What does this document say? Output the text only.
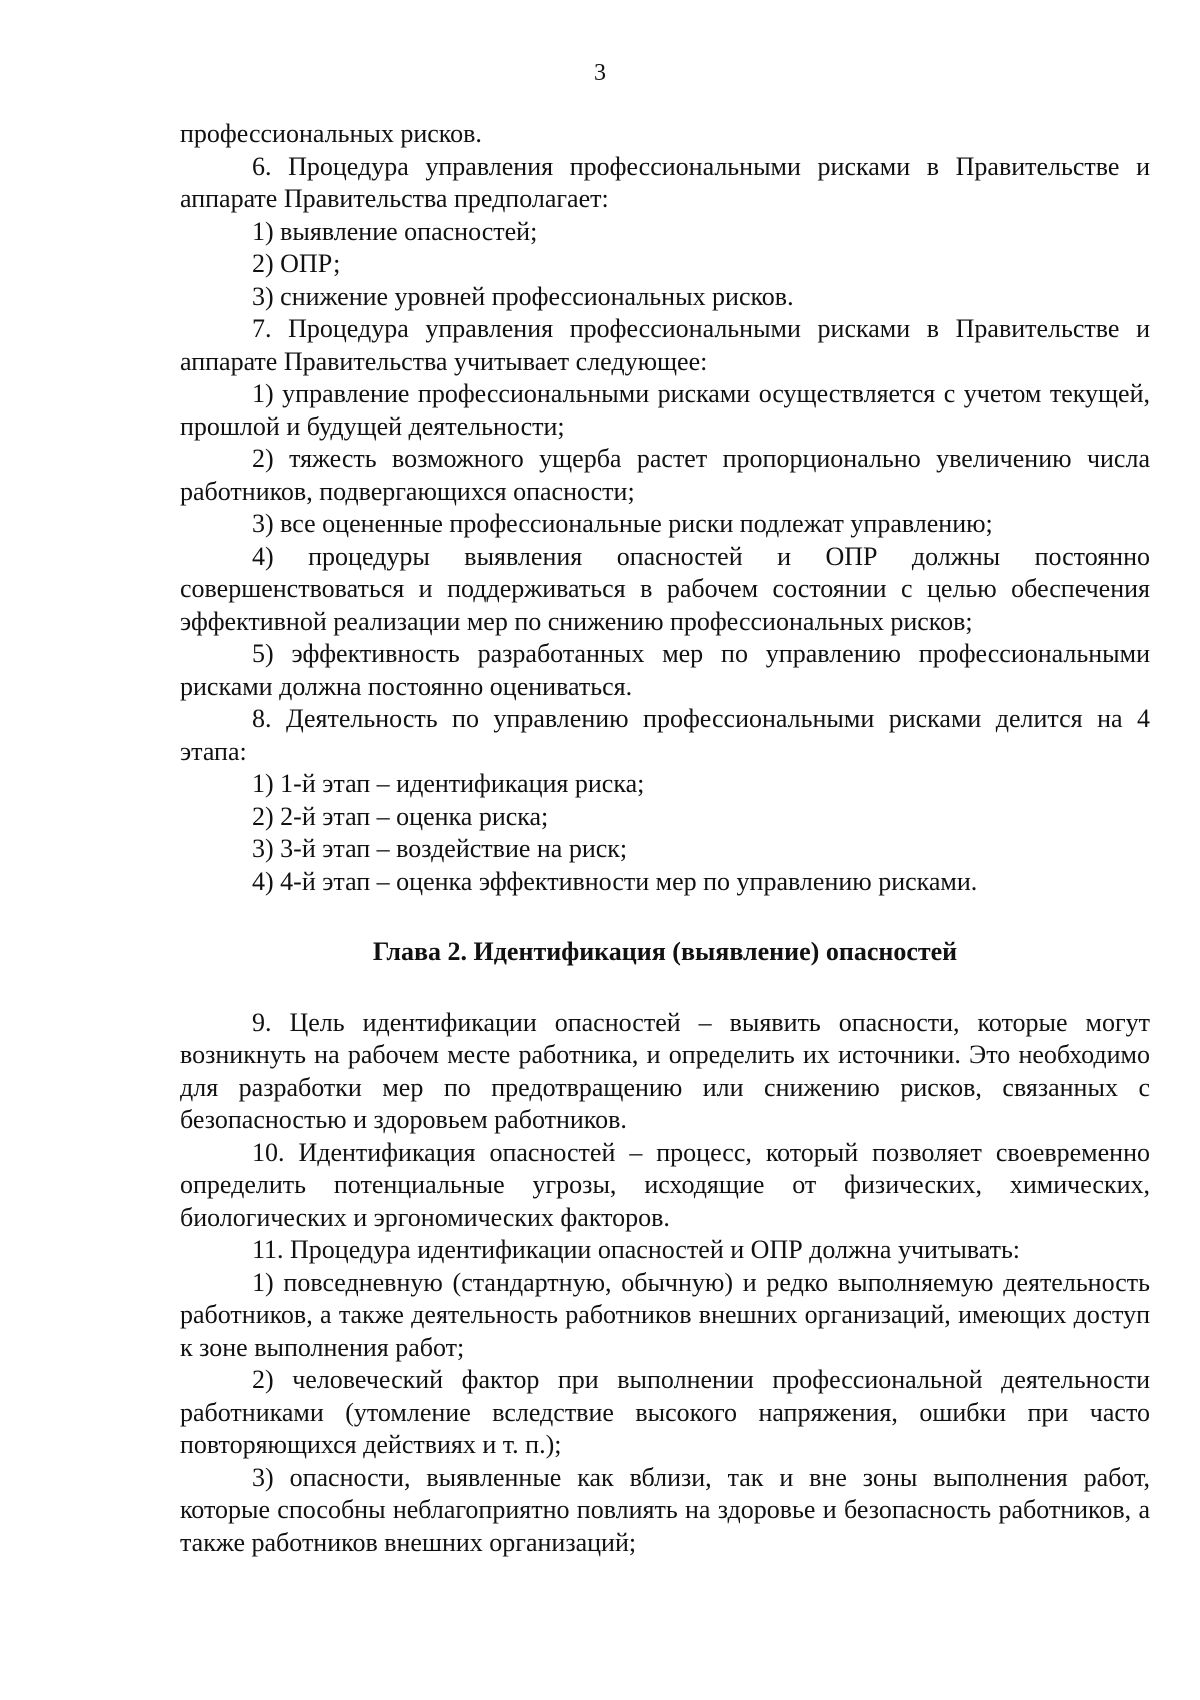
3

профессиональных рисков.

6. Процедура управления профессиональными рисками в Правительстве и аппарате Правительства предполагает:

1) выявление опасностей;

2) ОПР;

3) снижение уровней профессиональных рисков.

7. Процедура управления профессиональными рисками в Правительстве и аппарате Правительства учитывает следующее:

1) управление профессиональными рисками осуществляется с учетом текущей, прошлой и будущей деятельности;

2) тяжесть возможного ущерба растет пропорционально увеличению числа работников, подвергающихся опасности;

3) все оцененные профессиональные риски подлежат управлению;

4) процедуры выявления опасностей и ОПР должны постоянно совершенствоваться и поддерживаться в рабочем состоянии с целью обеспечения эффективной реализации мер по снижению профессиональных рисков;

5) эффективность разработанных мер по управлению профессиональными рисками должна постоянно оцениваться.

8. Деятельность по управлению профессиональными рисками делится на 4 этапа:

1) 1-й этап – идентификация риска;

2) 2-й этап – оценка риска;

3) 3-й этап – воздействие на риск;

4) 4-й этап – оценка эффективности мер по управлению рисками.

Глава 2. Идентификация (выявление) опасностей

9. Цель идентификации опасностей – выявить опасности, которые могут возникнуть на рабочем месте работника, и определить их источники. Это необходимо для разработки мер по предотвращению или снижению рисков, связанных с безопасностью и здоровьем работников.

10. Идентификация опасностей – процесс, который позволяет своевременно определить потенциальные угрозы, исходящие от физических, химических, биологических и эргономических факторов.

11. Процедура идентификации опасностей и ОПР должна учитывать:

1) повседневную (стандартную, обычную) и редко выполняемую деятельность работников, а также деятельность работников внешних организаций, имеющих доступ к зоне выполнения работ;

2) человеческий фактор при выполнении профессиональной деятельности работниками (утомление вследствие высокого напряжения, ошибки при часто повторяющихся действиях и т. п.);

3) опасности, выявленные как вблизи, так и вне зоны выполнения работ, которые способны неблагоприятно повлиять на здоровье и безопасность работников, а также работников внешних организаций;
